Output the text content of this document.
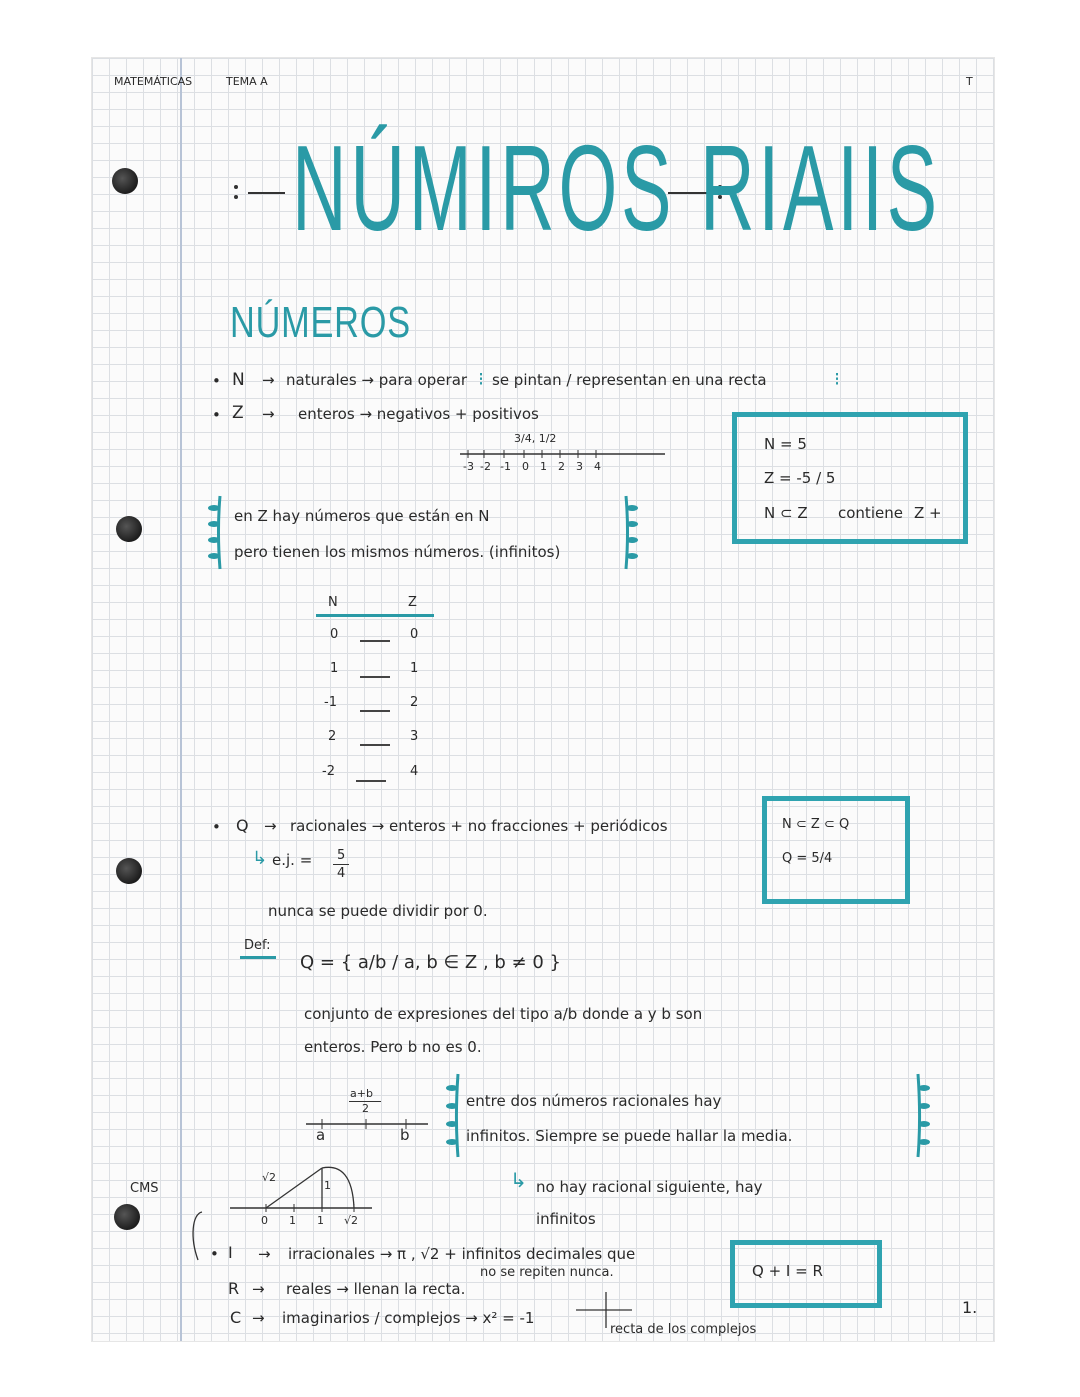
MATEMÁTICAS	TEMA A	T
NÚMIROS RIAIIS
NÚMEROS
• N → naturales → para operar ⁝ se pintan / representan en una recta	⁝
• Z → enteros → negativos + positivos
3/4, 1/2
-3 -2 -1 0 1 2 3 4
N = 5
Z = -5 / 5
N ⊂ Z contiene Z +
en Z hay números que están en N
pero tienen los mismos números. (infinitos)
N	Z
0	0
1	1
-1	2
2	3
-2	4
• Q → racionales → enteros + no fracciones + periódicos
↳ e.j. = 5
4
nunca se puede dividir por 0.
Def:
Q = { a/b / a, b ∈ Z , b ≠ 0 }
conjunto de expresiones del tipo a/b donde a y b son
enteros. Pero b no es 0.
N ⊂ Z ⊂ Q
Q = 5/4
a+b
2
a	b
entre dos números racionales hay
infinitos. Siempre se puede hallar la media.
↳ no hay racional siguiente, hay
infinitos
CMS
√2
1
0 1 1 √2
• I → irracionales → π , √2 + infinitos decimales que
no se repiten nunca.
R → reales → llenan la recta.
C → imaginarios / complejos → x² = -1
recta de los complejos
Q + I = R
1.
